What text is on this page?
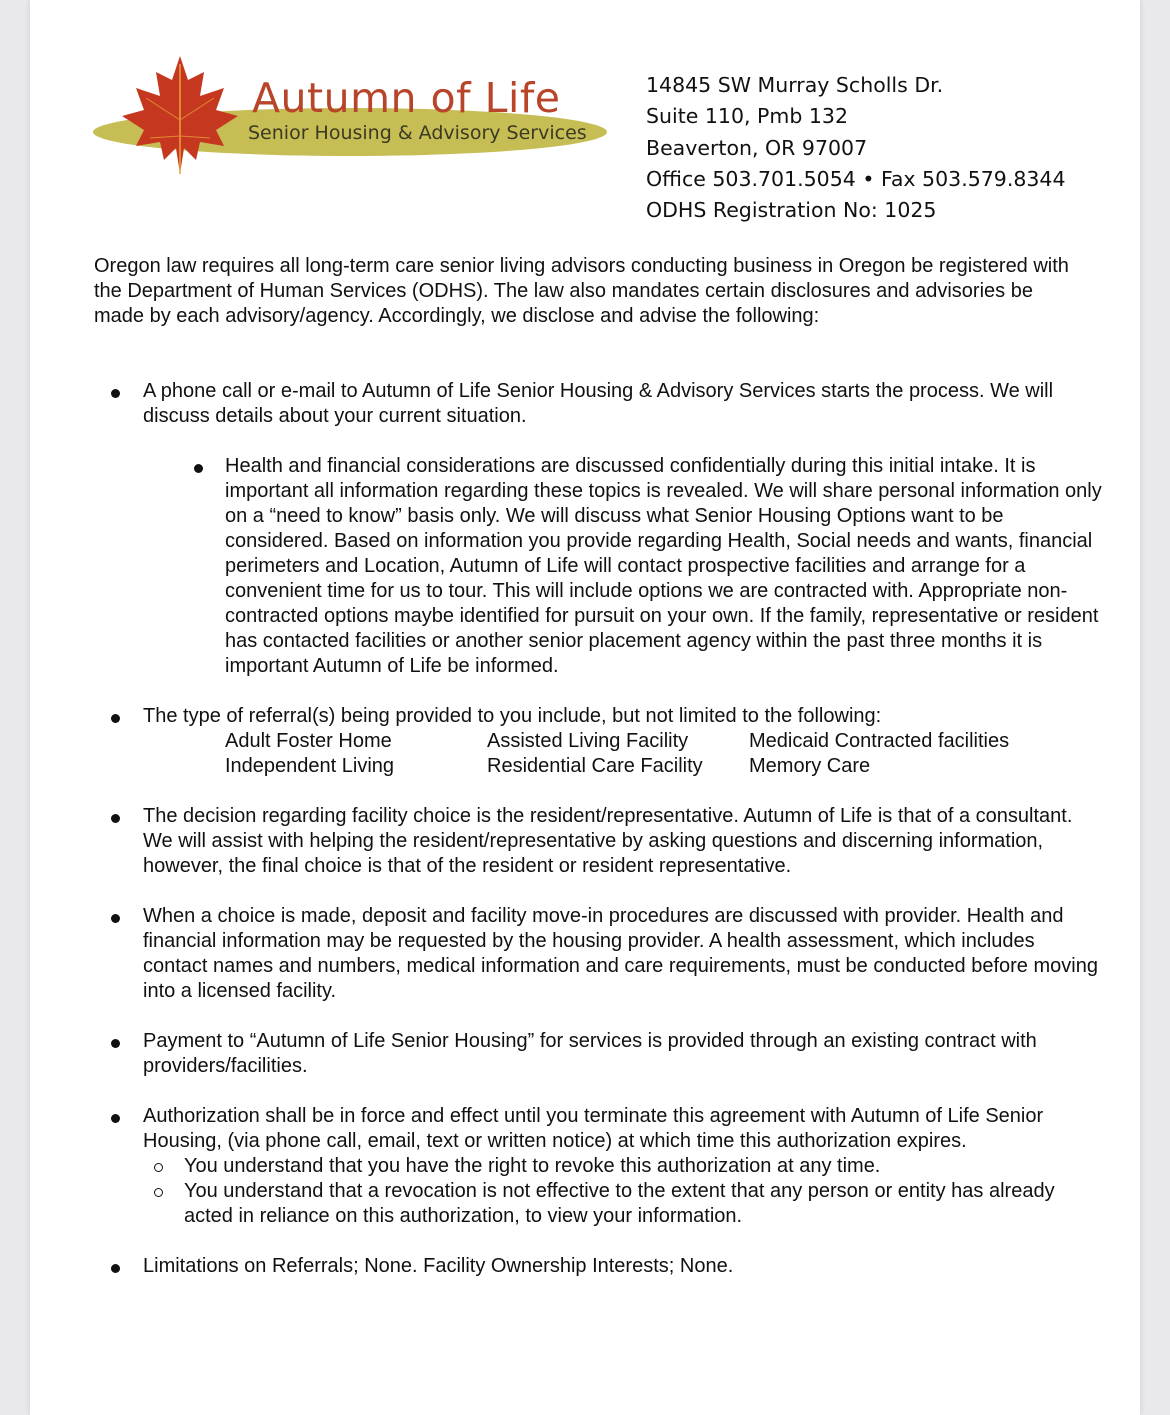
Autumn of Life
Senior Housing & Advisory Services
14845 SW Murray Scholls Dr.
Suite 110, Pmb 132
Beaverton, OR 97007
Office 503.701.5054 • Fax 503.579.8344
ODHS Registration No: 1025
Oregon law requires all long-term care senior living advisors conducting business in Oregon be registered with the Department of Human Services (ODHS). The law also mandates certain disclosures and advisories be made by each advisory/agency. Accordingly, we disclose and advise the following:
A phone call or e-mail to Autumn of Life Senior Housing & Advisory Services starts the process. We will discuss details about your current situation.
Health and financial considerations are discussed confidentially during this initial intake. It is important all information regarding these topics is revealed. We will share personal information only on a “need to know” basis only. We will discuss what Senior Housing Options want to be considered. Based on information you provide regarding Health, Social needs and wants, financial perimeters and Location, Autumn of Life will contact prospective facilities and arrange for a convenient time for us to tour. This will include options we are contracted with. Appropriate non-contracted options maybe identified for pursuit on your own. If the family, representative or resident has contacted facilities or another senior placement agency within the past three months it is important Autumn of Life be informed.
The type of referral(s) being provided to you include, but not limited to the following:
Adult Foster Home	Assisted Living Facility	Medicaid Contracted facilities
Independent Living	Residential Care Facility	Memory Care
The decision regarding facility choice is the resident/representative. Autumn of Life is that of a consultant. We will assist with helping the resident/representative by asking questions and discerning information, however, the final choice is that of the resident or resident representative.
When a choice is made, deposit and facility move-in procedures are discussed with provider. Health and financial information may be requested by the housing provider. A health assessment, which includes contact names and numbers, medical information and care requirements, must be conducted before moving into a licensed facility.
Payment to “Autumn of Life Senior Housing” for services is provided through an existing contract with providers/facilities.
Authorization shall be in force and effect until you terminate this agreement with Autumn of Life Senior Housing, (via phone call, email, text or written notice) at which time this authorization expires.
You understand that you have the right to revoke this authorization at any time.
You understand that a revocation is not effective to the extent that any person or entity has already acted in reliance on this authorization, to view your information.
Limitations on Referrals; None. Facility Ownership Interests; None.
